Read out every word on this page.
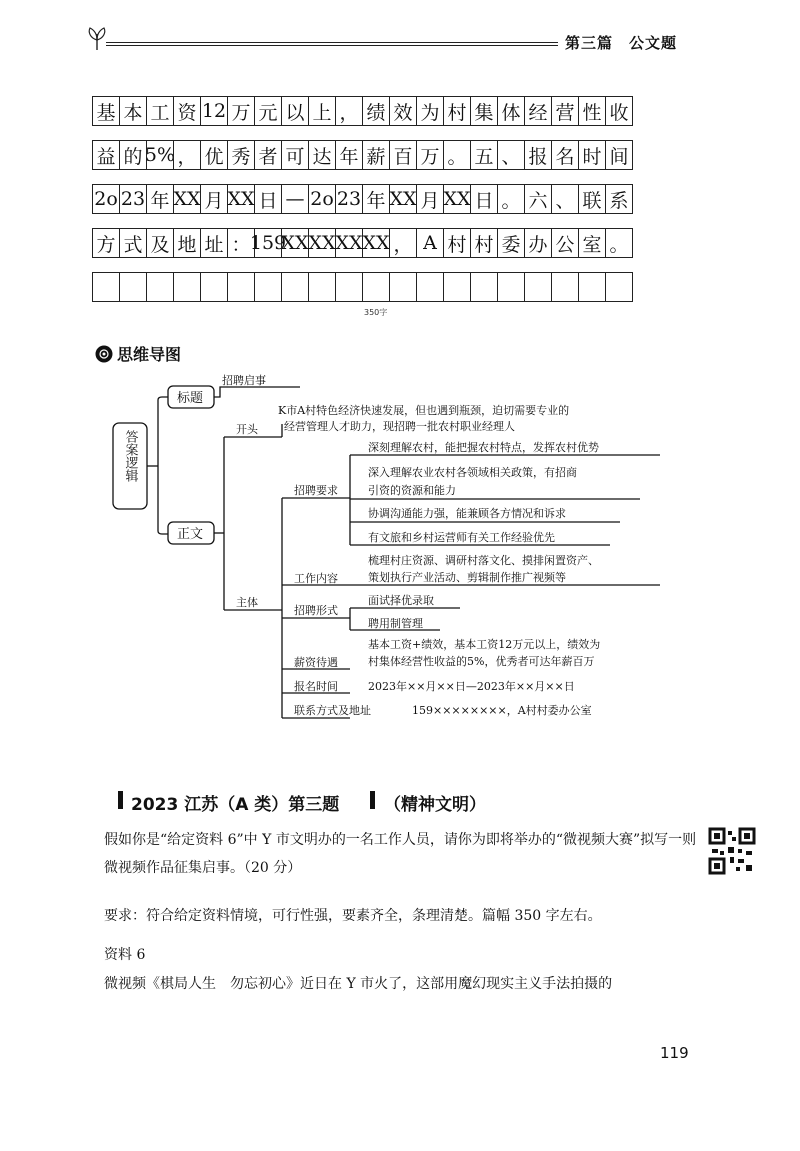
第三篇　公文题
基 本 工 资 12 万 元 以 上 ， 绩 效 为 村 集 体 经 营 性 收
益 的 5% ， 优 秀 者 可 达 年 薪 百 万 。 五 、 报 名 时 间
2o 23 年 XX 月 XX 日 — 2o 23 年 XX 月 XX 日 。 六 、 联 系
方 式 及 地 址 ： 159
XX XX XX XX ， A 村 村 委 办 公 室 。
350字
思维导图
答案逻辑
标题
招聘启事
正文
开头
K市A村特色经济快速发展，但也遇到瓶颈，迫切需要专业的
经营管理人才助力，现招聘一批农村职业经理人
主体
招聘要求
深刻理解农村，能把握农村特点，发挥农村优势
深入理解农业农村各领域相关政策，有招商
引资的资源和能力
协调沟通能力强，能兼顾各方情况和诉求
有文旅和乡村运营师有关工作经验优先
工作内容
梳理村庄资源、调研村落文化、摸排闲置资产、
策划执行产业活动、剪辑制作推广视频等
招聘形式
面试择优录取
聘用制管理
薪资待遇
基本工资+绩效，基本工资12万元以上，绩效为
村集体经营性收益的5%，优秀者可达年薪百万
报名时间	2023年××月××日—2023年××月××日
联系方式及地址	159××××××××，A村村委办公室
2023 江苏（A 类）第三题	（精神文明）
假如你是“给定资料 6”中 Y 市文明办的一名工作人员，请你为即将举办的“微视频大赛”拟写一则微视频作品征集启事。（20 分）
要求：符合给定资料情境，可行性强，要素齐全，条理清楚。篇幅 350 字左右。
资料 6
微视频《棋局人生　勿忘初心》近日在 Y 市火了，这部用魔幻现实主义手法拍摄的
119
